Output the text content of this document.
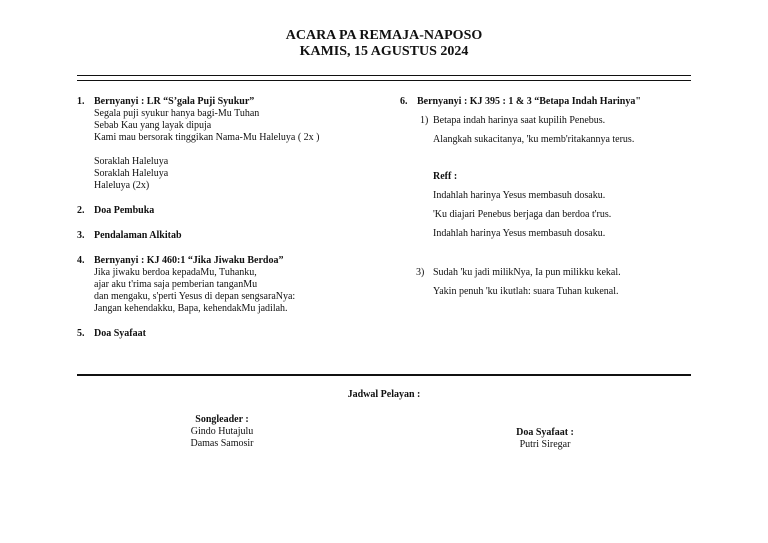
ACARA PA REMAJA-NAPOSO
KAMIS, 15 AGUSTUS 2024
1. Bernyanyi : LR “S’gala Puji Syukur”
Segala puji syukur hanya bagi-Mu Tuhan
Sebab Kau yang layak dipuja
Kami mau bersorak tinggikan Nama-Mu Haleluya ( 2x )
Soraklah Haleluya
Soraklah Haleluya
Haleluya (2x)
2. Doa Pembuka
3. Pendalaman Alkitab
4. Bernyanyi : KJ 460:1 “Jika Jiwaku Berdoa”
Jika jiwaku berdoa kepadaMu, Tuhanku,
ajar aku t'rima saja pemberian tanganMu
dan mengaku, s'perti Yesus di depan sengsaraNya:
Jangan kehendakku, Bapa, kehendakMu jadilah.
5. Doa Syafaat
6. Bernyanyi : KJ 395 : 1 & 3 “Betapa Indah Harinya"
1) Betapa indah harinya saat kupilih Penebus.
Alangkah sukacitanya, 'ku memb'ritakannya terus.
Reff :
Indahlah harinya Yesus membasuh dosaku.
'Ku diajari Penebus berjaga dan berdoa t'rus.
Indahlah harinya Yesus membasuh dosaku.
3) Sudah 'ku jadi milikNya, Ia pun milikku kekal.
Yakin penuh 'ku ikutlah: suara Tuhan kukenal.
Jadwal Pelayan :
Songleader :
Gindo Hutajulu
Damas Samosir
Doa Syafaat :
Putri Siregar
